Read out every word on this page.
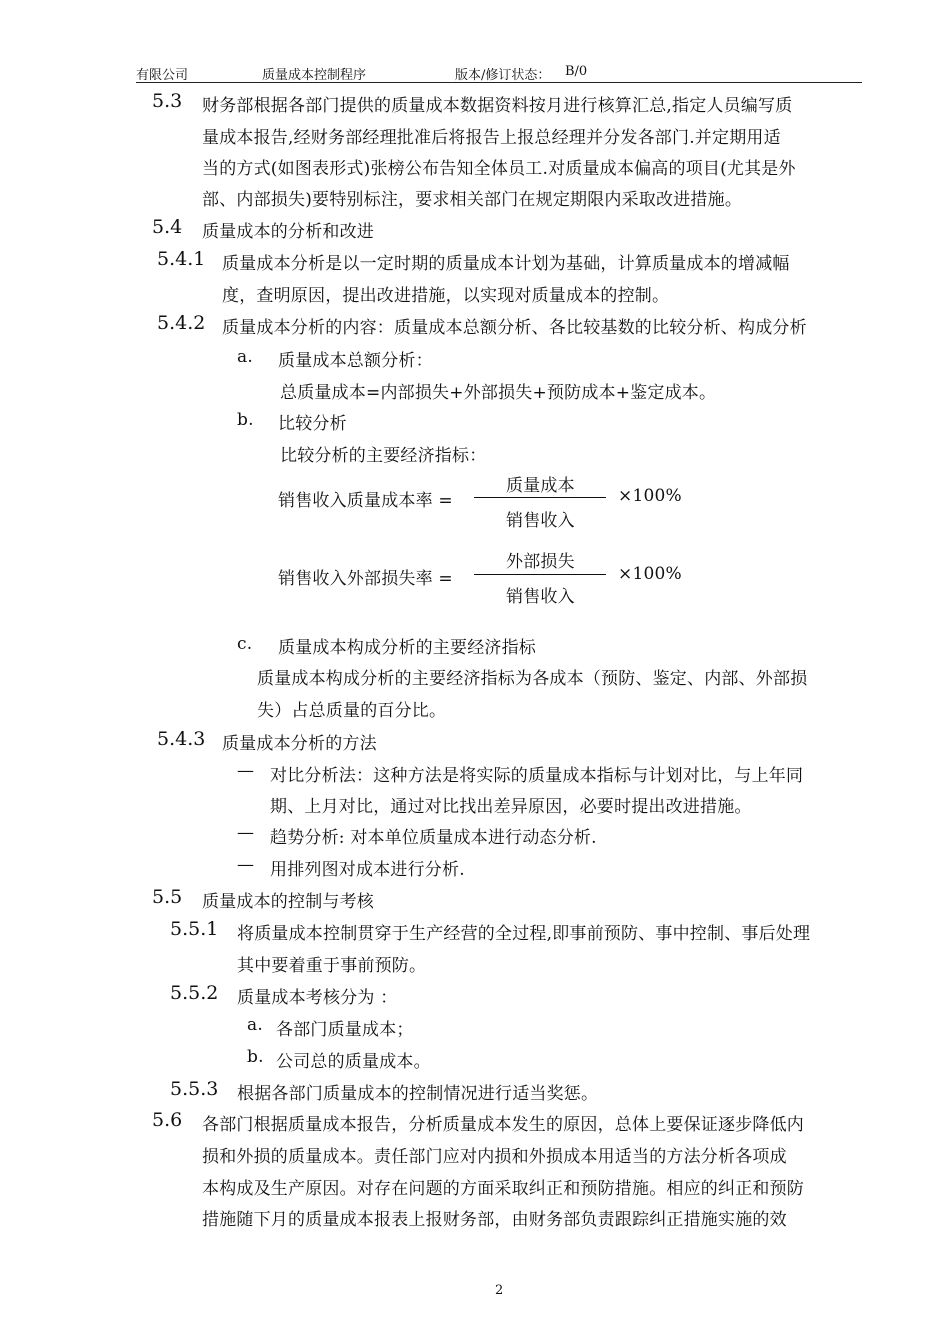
有限公司	质量成本控制程序	版本/修订状态： B/0
5.3 财务部根据各部门提供的质量成本数据资料按月进行核算汇总,指定人员编写质
量成本报告,经财务部经理批准后将报告上报总经理并分发各部门.并定期用适
当的方式(如图表形式)张榜公布告知全体员工.对质量成本偏高的项目(尤其是外
部、内部损失)要特别标注，要求相关部门在规定期限内采取改进措施。
5.4 质量成本的分析和改进
5.4.1 质量成本分析是以一定时期的质量成本计划为基础，计算质量成本的增减幅
度，查明原因，提出改进措施，以实现对质量成本的控制。
5.4.2 质量成本分析的内容：质量成本总额分析、各比较基数的比较分析、构成分析
a. 质量成本总额分析：
总质量成本=内部损失+外部损失+预防成本+鉴定成本。
b. 比较分析
比较分析的主要经济指标：
销售收入质量成本率 =
质量成本
销售收入
×100%
销售收入外部损失率 =
外部损失
销售收入
×100%
c. 质量成本构成分析的主要经济指标
质量成本构成分析的主要经济指标为各成本（预防、鉴定、内部、外部损
失）占总质量的百分比。
5.4.3 质量成本分析的方法
— 对比分析法：这种方法是将实际的质量成本指标与计划对比，与上年同
期、上月对比，通过对比找出差异原因，必要时提出改进措施。
— 趋势分析: 对本单位质量成本进行动态分析.
— 用排列图对成本进行分析.
5.5 质量成本的控制与考核
5.5.1 将质量成本控制贯穿于生产经营的全过程,即事前预防、事中控制、事后处理
其中要着重于事前预防。
5.5.2 质量成本考核分为 ：
a. 各部门质量成本；
b. 公司总的质量成本。
5.5.3 根据各部门质量成本的控制情况进行适当奖惩。
5.6 各部门根据质量成本报告，分析质量成本发生的原因，总体上要保证逐步降低内
损和外损的质量成本。责任部门应对内损和外损成本用适当的方法分析各项成
本构成及生产原因。对存在问题的方面采取纠正和预防措施。相应的纠正和预防
措施随下月的质量成本报表上报财务部，由财务部负责跟踪纠正措施实施的效
2
